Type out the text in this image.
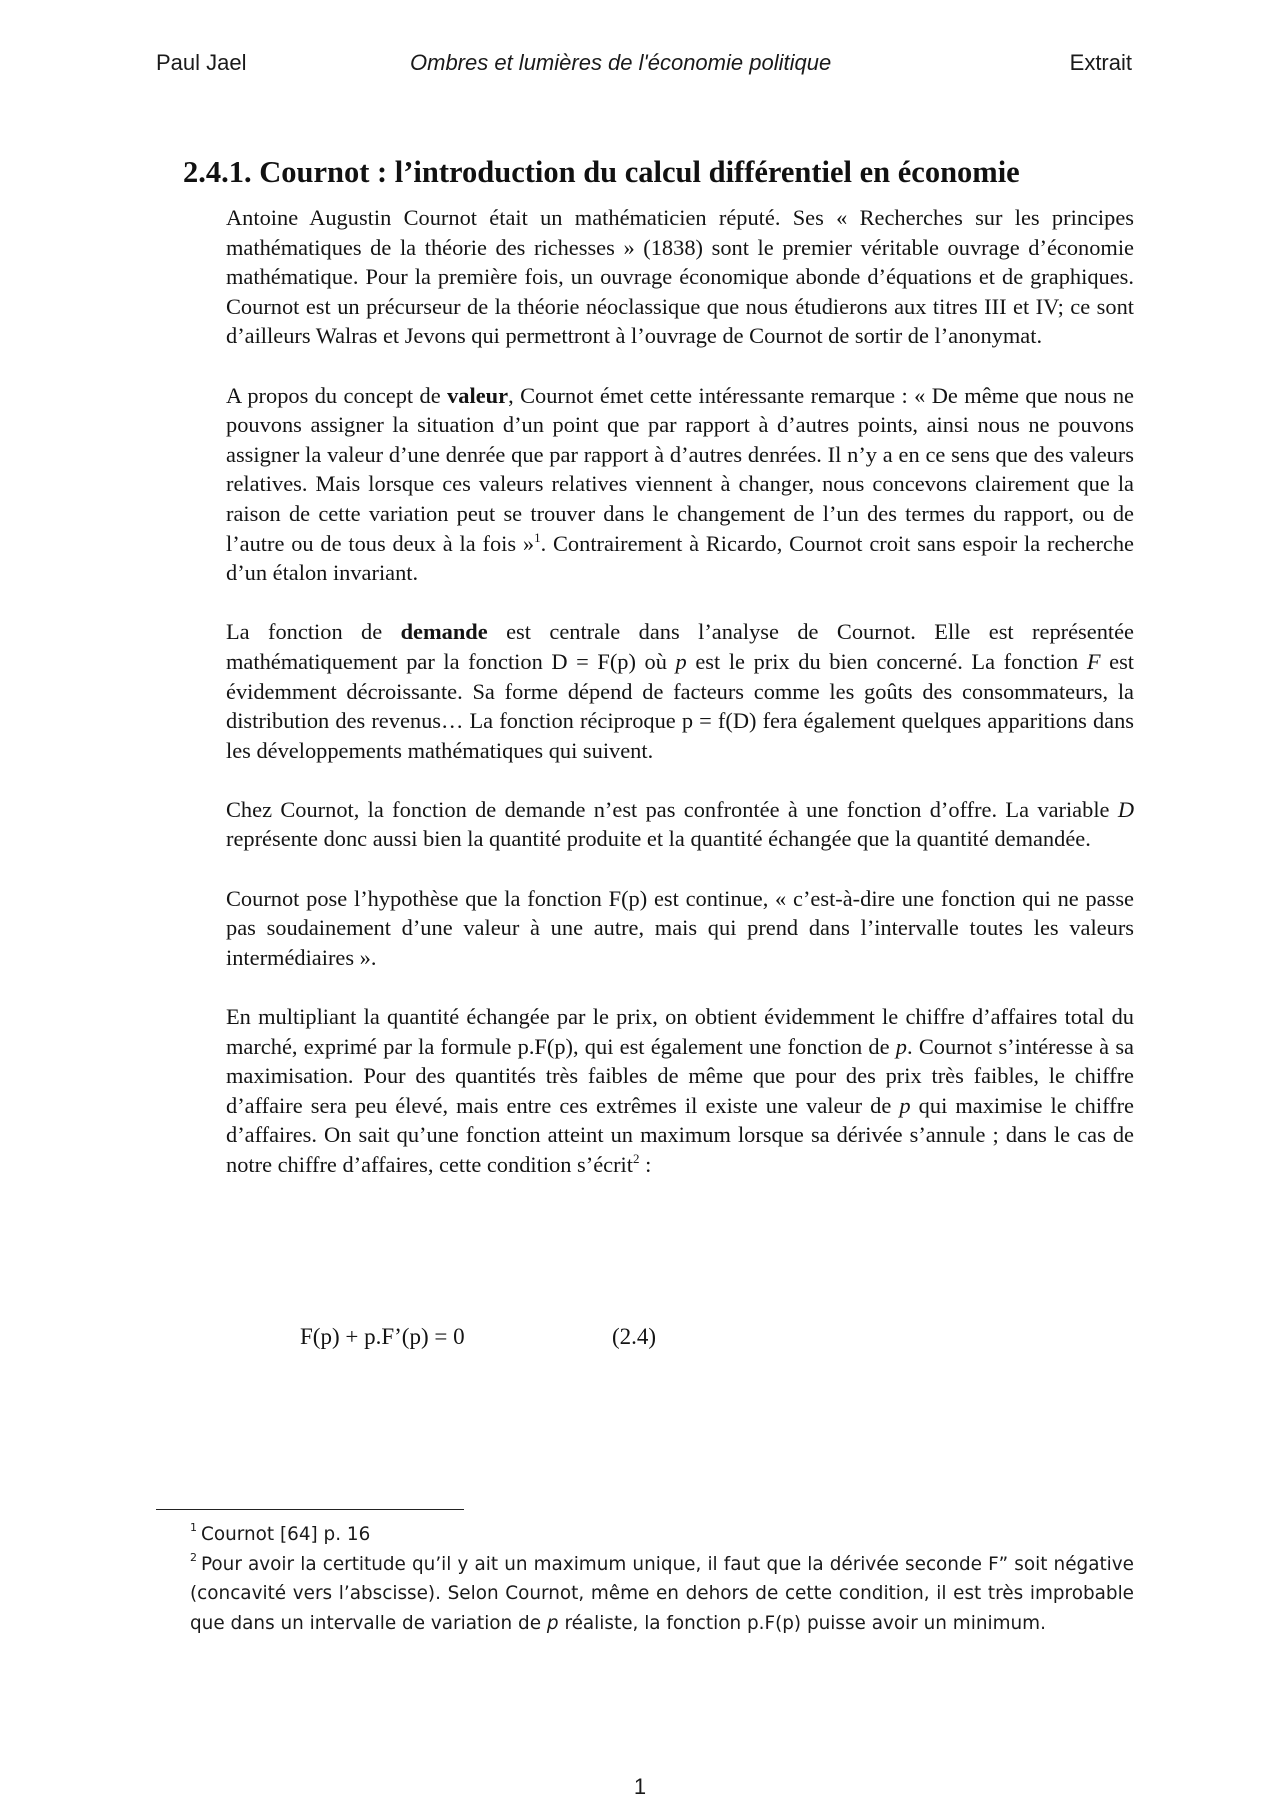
Paul Jael	Ombres et lumières de l'économie politique	Extrait
2.4.1. Cournot : l’introduction du calcul différentiel en économie

Antoine Augustin Cournot était un mathématicien réputé. Ses « Recherches sur les principes mathématiques de la théorie des richesses » (1838) sont le premier véritable ouvrage d’économie mathématique. Pour la première fois, un ouvrage économique abonde d’équations et de graphiques. Cournot est un précurseur de la théorie néoclassique que nous étudierons aux titres III et IV; ce sont d’ailleurs Walras et Jevons qui permettront à l’ouvrage de Cournot de sortir de l’anonymat.

A propos du concept de valeur, Cournot émet cette intéressante remarque : « De même que nous ne pouvons assigner la situation d’un point que par rapport à d’autres points, ainsi nous ne pouvons assigner la valeur d’une denrée que par rapport à d’autres denrées. Il n’y a en ce sens que des valeurs relatives. Mais lorsque ces valeurs relatives viennent à changer, nous concevons clairement que la raison de cette variation peut se trouver dans le changement de l’un des termes du rapport, ou de l’autre ou de tous deux à la fois »$^1$. Contrairement à Ricardo, Cournot croit sans espoir la recherche d’un étalon invariant.

La fonction de demande est centrale dans l’analyse de Cournot. Elle est représentée mathématiquement par la fonction D = F(p) où p est le prix du bien concerné. La fonction F est évidemment décroissante. Sa forme dépend de facteurs comme les goûts des consommateurs, la distribution des revenus… La fonction réciproque p = f(D) fera également quelques apparitions dans les développements mathématiques qui suivent.

Chez Cournot, la fonction de demande n’est pas confrontée à une fonction d’offre. La variable D représente donc aussi bien la quantité produite et la quantité échangée que la quantité demandée.

Cournot pose l’hypothèse que la fonction F(p) est continue, « c’est-à-dire une fonction qui ne passe pas soudainement d’une valeur à une autre, mais qui prend dans l’intervalle toutes les valeurs intermédiaires ».

En multipliant la quantité échangée par le prix, on obtient évidemment le chiffre d’affaires total du marché, exprimé par la formule p.F(p), qui est également une fonction de p. Cournot s’intéresse à sa maximisation. Pour des quantités très faibles de même que pour des prix très faibles, le chiffre d’affaire sera peu élevé, mais entre ces extrêmes il existe une valeur de p qui maximise le chiffre d’affaires. On sait qu’une fonction atteint un maximum lorsque sa dérivée s’annule ; dans le cas de notre chiffre d’affaires, cette condition s’écrit$^2$ :

F(p) + p.F’(p) = 0	(2.4)

$^1$ Cournot [64] p. 16

$^2$ Pour avoir la certitude qu’il y ait un maximum unique, il faut que la dérivée seconde F” soit négative (concavité vers l’abscisse). Selon Cournot, même en dehors de cette condition, il est très improbable que dans un intervalle de variation de p réaliste, la fonction p.F(p) puisse avoir un minimum.

1
